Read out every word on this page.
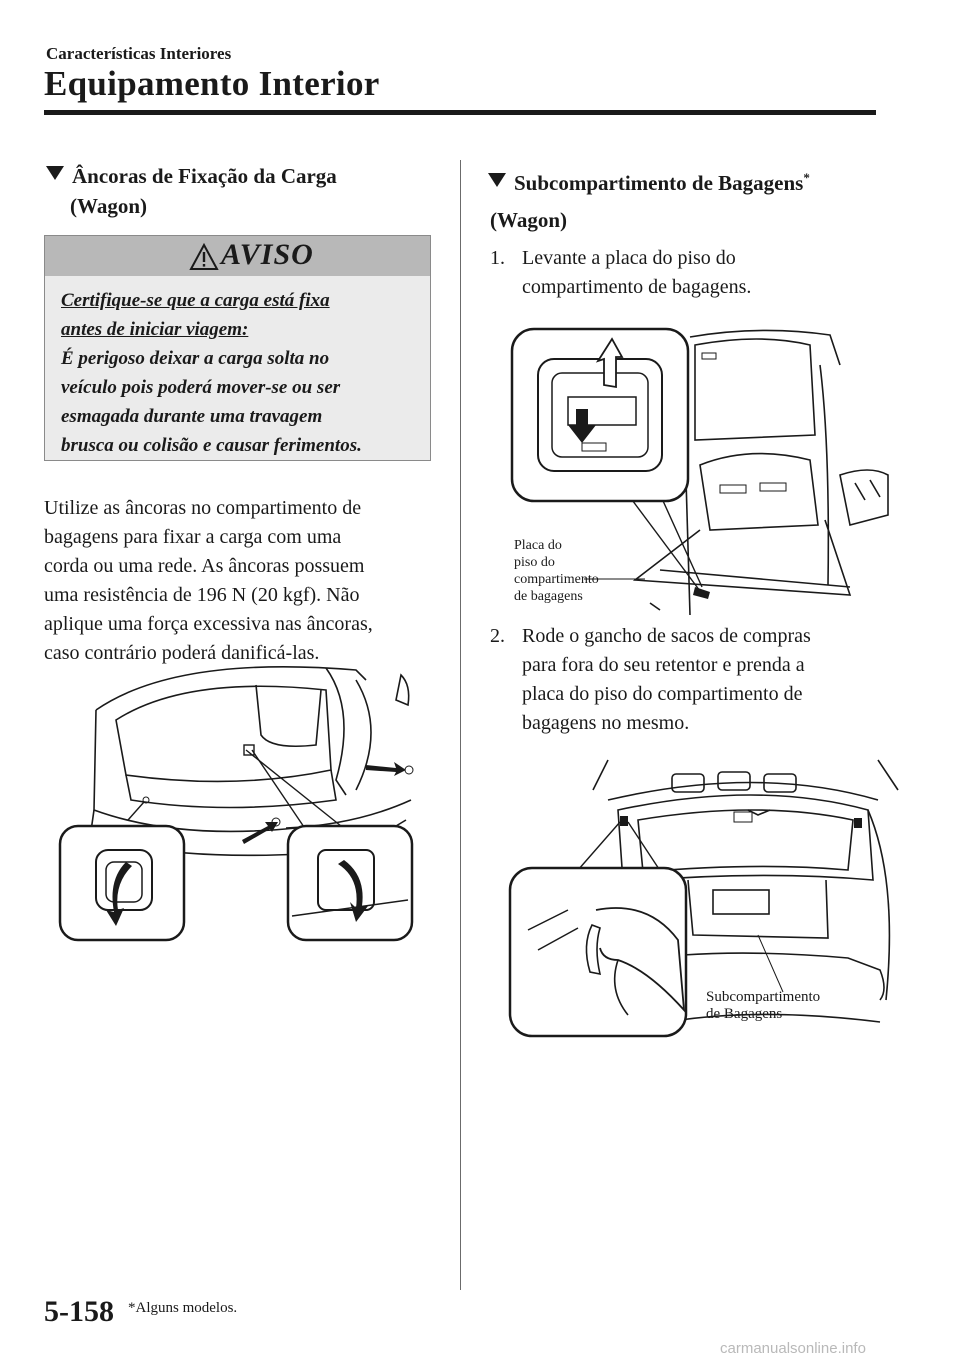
Características Interiores
Equipamento Interior
Âncoras de Fixação da Carga
(Wagon)
AVISO
Certifique-se que a carga está fixa
antes de iniciar viagem:
É perigoso deixar a carga solta no
veículo pois poderá mover-se ou ser
esmagada durante uma travagem
brusca ou colisão e causar ferimentos.
Utilize as âncoras no compartimento de
bagagens para fixar a carga com uma
corda ou uma rede. As âncoras possuem
uma resistência de 196 N (20 kgf). Não
aplique uma força excessiva nas âncoras,
caso contrário poderá danificá-las.
Subcompartimento de Bagagens*
(Wagon)
1. Levante a placa do piso do
compartimento de bagagens.
Placa do
piso do
compartimento
de bagagens
2. Rode o gancho de sacos de compras
para fora do seu retentor e prenda a
placa do piso do compartimento de
bagagens no mesmo.
Subcompartimento
de Bagagens
5-158 *Alguns modelos.
carmanualsonline.info
